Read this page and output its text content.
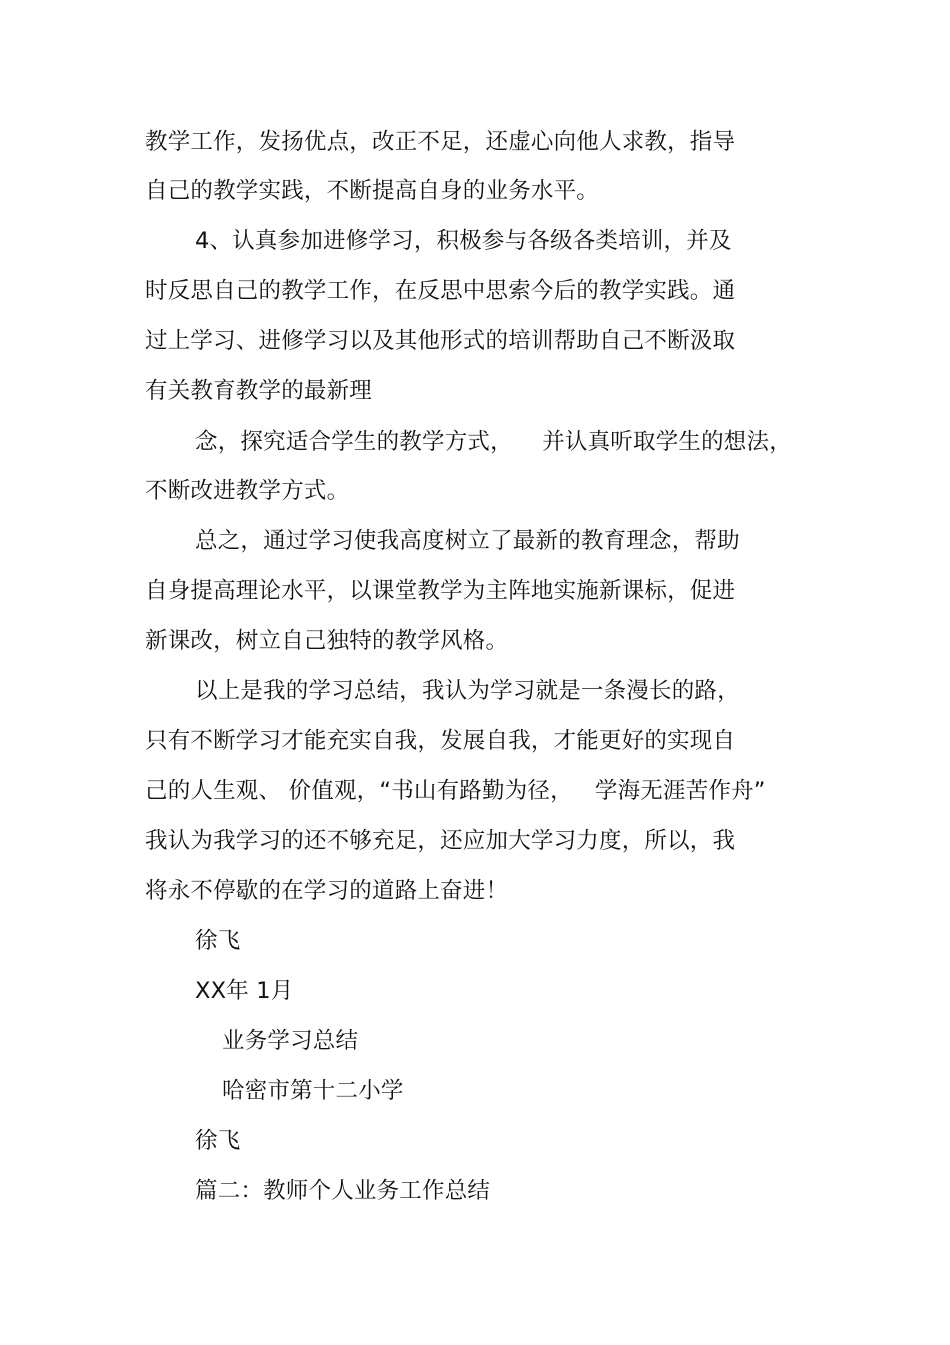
教学工作，发扬优点，改正不足，还虚心向他人求教，指导
自己的教学实践，不断提高自身的业务水平。
4、认真参加进修学习，积极参与各级各类培训，并及
时反思自己的教学工作，在反思中思索今后的教学实践。通
过上学习、进修学习以及其他形式的培训帮助自己不断汲取
有关教育教学的最新理
念，探究适合学生的教学方式，    并认真听取学生的想法，
不断改进教学方式。
总之，通过学习使我高度树立了最新的教育理念，帮助
自身提高理论水平，以课堂教学为主阵地实施新课标，促进
新课改，树立自己独特的教学风格。
以上是我的学习总结，我认为学习就是一条漫长的路，
只有不断学习才能充实自我，发展自我，才能更好的实现自
己的人生观、 价值观，“书山有路勤为径，   学海无涯苦作舟”
我认为我学习的还不够充足，还应加大学习力度，所以，我
将永不停歇的在学习的道路上奋进！
徐飞
XX年 1月
业务学习总结
哈密市第十二小学
徐飞
篇二：教师个人业务工作总结
